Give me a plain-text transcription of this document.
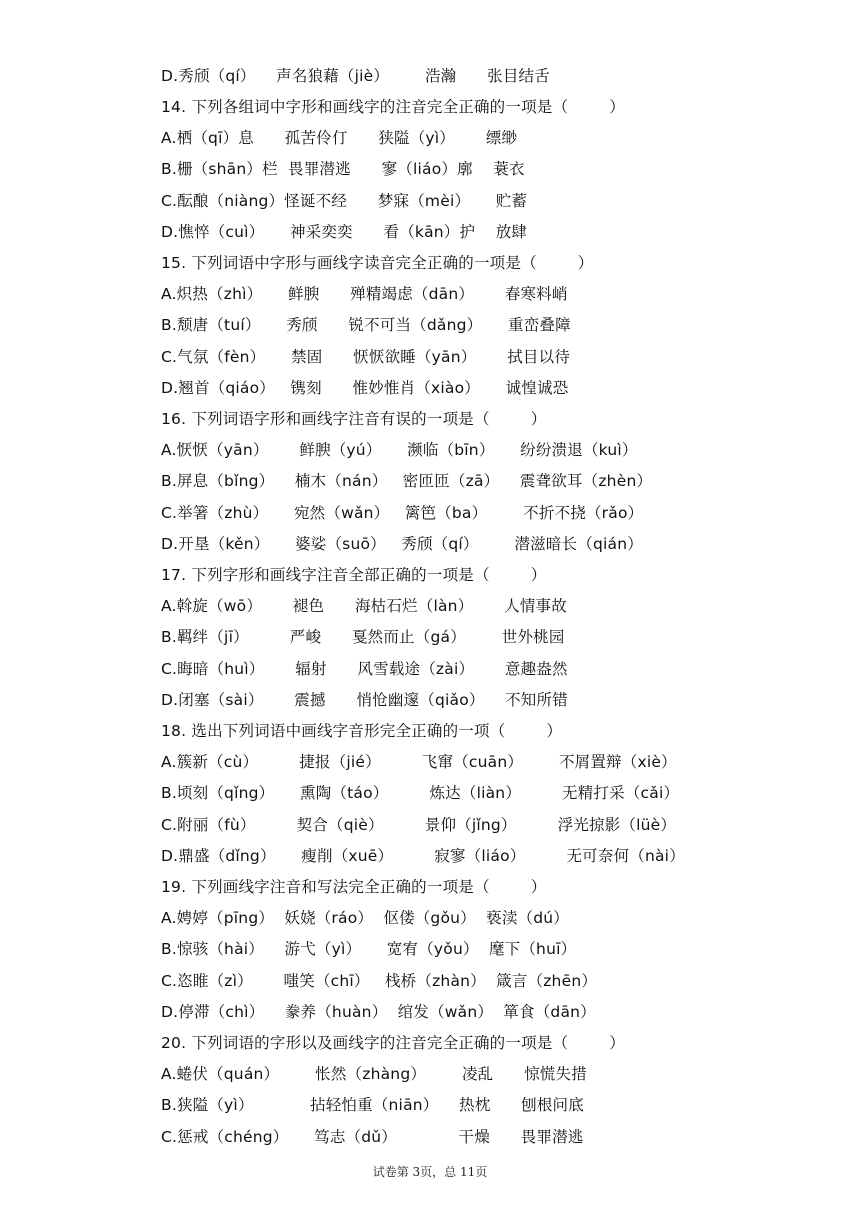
D.秀颀（qí）    声名狼藉（jiè）       浩瀚      张目结舌
14. 下列各组词中字形和画线字的注音完全正确的一项是（        ）
A.栖（qī）息      孤苦伶仃      狭隘（yì）      缥缈
B.栅（shān）栏  畏罪潜逃      寥（liáo）廓    蓑衣
C.酝酿（niàng）怪诞不经      梦寐（mèi）     贮蓄
D.憔悴（cuì）     神采奕奕      看（kān）护    放肆
15. 下列词语中字形与画线字读音完全正确的一项是（        ）
A.炽热（zhì）     鲜腴      殚精竭虑（dān）      春寒料峭
B.颓唐（tuí）     秀颀      锐不可当（dǎng）     重峦叠障
C.气氛（fèn）     禁固      恹恹欲睡（yān）      拭目以待
D.翘首（qiáo）   镌刻      惟妙惟肖（xiào）     诚惶诚恐
16. 下列词语字形和画线字注音有误的一项是（        ）
A.恹恹（yān）      鲜腴（yú）     濒临（bīn）     纷纷溃退（kuì）
B.屏息（bǐng）    楠木（nán）   密匝匝（zā）    震聋欲耳（zhèn）
C.举箸（zhù）     宛然（wǎn）   篱笆（ba）       不折不挠（rǎo）
D.开垦（kěn）     婆娑（suō）   秀颀（qí）       潜滋暗长（qián）
17. 下列字形和画线字注音全部正确的一项是（        ）
A.斡旋（wō）      褪色      海枯石烂（làn）      人情事故
B.羁绊（jī）        严峻      戛然而止（gá）       世外桃园
C.晦暗（huì）      辐射      风雪载途（zài）      意趣盎然
D.闭塞（sài）      震撼      悄怆幽邃（qiǎo）    不知所错
18. 选出下列词语中画线字音形完全正确的一项（        ）
A.簇新（cù）        捷报（jié）        飞窜（cuān）       不屑置辩（xiè）
B.顷刻（qǐng）     熏陶（táo）        炼达（liàn）        无精打采（cǎi）
C.附丽（fù）        契合（qiè）        景仰（jǐng）        浮光掠影（lüè）
D.鼎盛（dǐng）     瘦削（xuē）        寂寥（liáo）        无可奈何（nài）
19. 下列画线字注音和写法完全正确的一项是（        ）
A.娉婷（pīng）  妖娆（ráo）  伛偻（gǒu）  亵渎（dú）
B.惊骇（hài）    游弋（yì）     宽宥（yǒu）  麾下（huī）
C.恣睢（zì）      嗤笑（chī）   栈桥（zhàn）  箴言（zhēn）
D.停滞（chì）    豢养（huàn）  绾发（wǎn）  箪食（dān）
20. 下列词语的字形以及画线字的注音完全正确的一项是（        ）
A.蜷伏（quán）       怅然（zhàng）       凌乱      惊慌失措
B.狭隘（yì）           拈轻怕重（niān）    热枕      刨根问底
C.惩戒（chéng）     笃志（dǔ）            干燥      畏罪潜逃
试卷第 3页，总 11页
